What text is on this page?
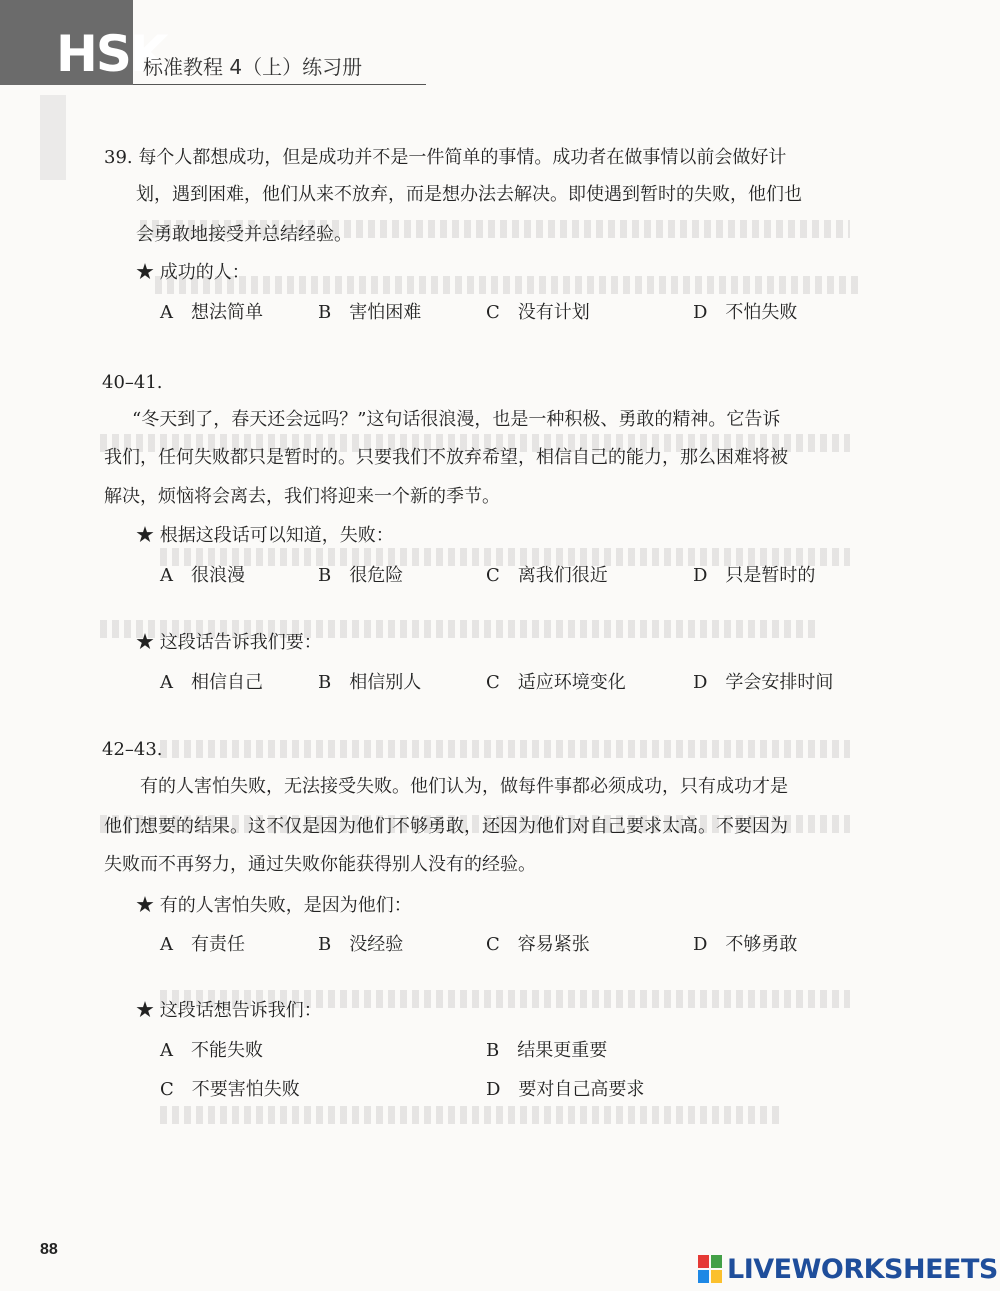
HSK
标准教程 4（上）练习册
39. 每个人都想成功，但是成功并不是一件简单的事情。成功者在做事情以前会做好计
划，遇到困难，他们从来不放弃，而是想办法去解决。即使遇到暂时的失败，他们也
会勇敢地接受并总结经验。
★ 成功的人：
A　想法简单	B　害怕困难	C　没有计划	D　不怕失败
40–41.
“冬天到了，春天还会远吗？”这句话很浪漫，也是一种积极、勇敢的精神。它告诉
我们，任何失败都只是暂时的。只要我们不放弃希望，相信自己的能力，那么困难将被
解决，烦恼将会离去，我们将迎来一个新的季节。
★ 根据这段话可以知道，失败：
A　很浪漫	B　很危险	C　离我们很近	D　只是暂时的
★ 这段话告诉我们要：
A　相信自己	B　相信别人	C　适应环境变化	D　学会安排时间
42–43.
有的人害怕失败，无法接受失败。他们认为，做每件事都必须成功，只有成功才是
他们想要的结果。这不仅是因为他们不够勇敢，还因为他们对自己要求太高。不要因为
失败而不再努力，通过失败你能获得别人没有的经验。
★ 有的人害怕失败，是因为他们：
A　有责任	B　没经验	C　容易紧张	D　不够勇敢
★ 这段话想告诉我们：
A　不能失败	B　结果更重要
C　不要害怕失败	D　要对自己高要求
88
LIVEWORKSHEETS
